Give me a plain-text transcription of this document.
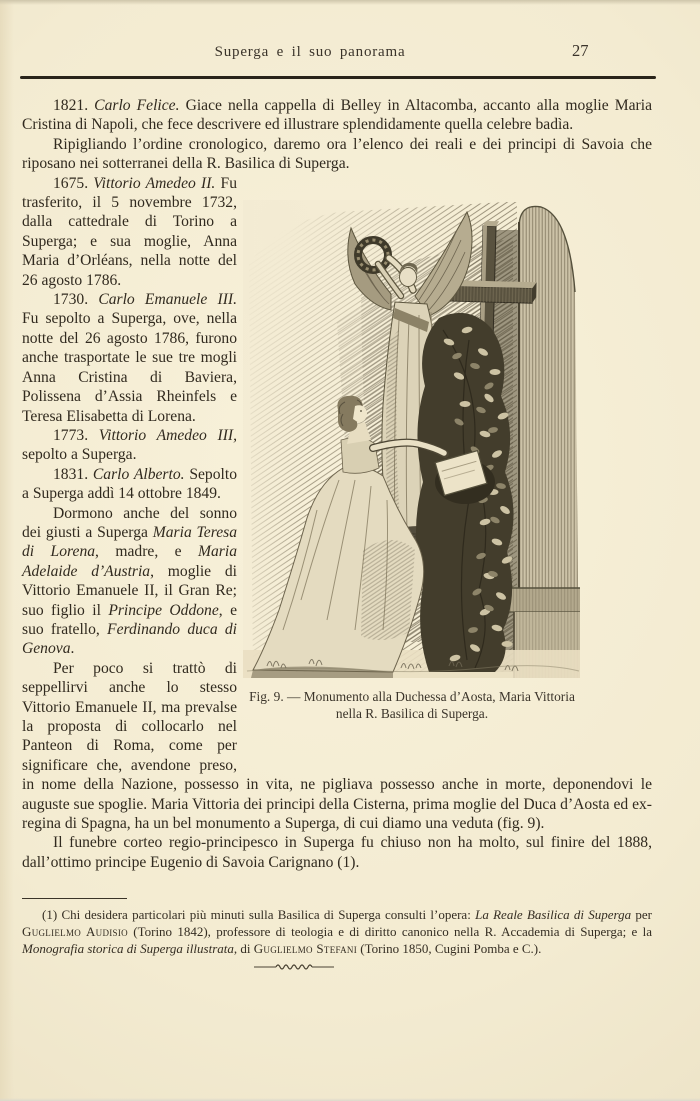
Superga e il suo panorama	27

1821. Carlo Felice. Giace nella cappella di Belley in Altacomba, accanto alla moglie Maria Cristina di Napoli, che fece descrivere ed illustrare splendidamente quella celebre badìa.

Ripigliando l’ordine cronologico, daremo ora l’elenco dei reali e dei principi di Savoia che riposano nei sotterranei della R. Basilica di Superga.

Fig. 9. — Monumento alla Duchessa d’Aosta, Maria Vittoria
nella R. Basilica di Superga.

1675. Vittorio Amedeo II. Fu trasferito, il 5 novembre 1732, dalla cattedrale di Torino a Superga; e sua moglie, Anna Maria d’Orléans, nella notte del 26 agosto 1786.

1730. Carlo Emanuele III. Fu sepolto a Superga, ove, nella notte del 26 agosto 1786, furono anche trasportate le sue tre mogli Anna Cristina di Baviera, Polissena d’Assia Rheinfels e Teresa Elisabetta di Lorena.

1773. Vittorio Amedeo III, sepolto a Superga.

1831. Carlo Alberto. Sepolto a Superga addì 14 ottobre 1849.

Dormono anche del sonno dei giusti a Superga Maria Teresa di Lorena, madre, e Maria Adelaide d’Austria, moglie di Vittorio Emanuele II, il Gran Re; suo figlio il Principe Oddone, e suo fratello, Ferdinando duca di Genova.

Per poco si trattò di seppellirvi anche lo stesso Vittorio Emanuele II, ma prevalse la proposta di collocarlo nel Panteon di Roma, come per significare che, avendone preso, in nome della Nazione, possesso in vita, ne pigliava possesso anche in morte, deponendovi le auguste sue spoglie. Maria Vittoria dei principi della Cisterna, prima moglie del Duca d’Aosta ed ex-regina di Spagna, ha un bel monumento a Superga, di cui diamo una veduta (fig. 9).

Il funebre corteo regio-principesco in Superga fu chiuso non ha molto, sul finire del 1888, dall’ottimo principe Eugenio di Savoia Carignano (1).

(1) Chi desidera particolari più minuti sulla Basilica di Superga consulti l’opera: La Reale Basilica di Superga per Guglielmo Audisio (Torino 1842), professore di teologia e di diritto canonico nella R. Accademia di Superga; e la Monografia storica di Superga illustrata, di Guglielmo Stefani (Torino 1850, Cugini Pomba e C.).
